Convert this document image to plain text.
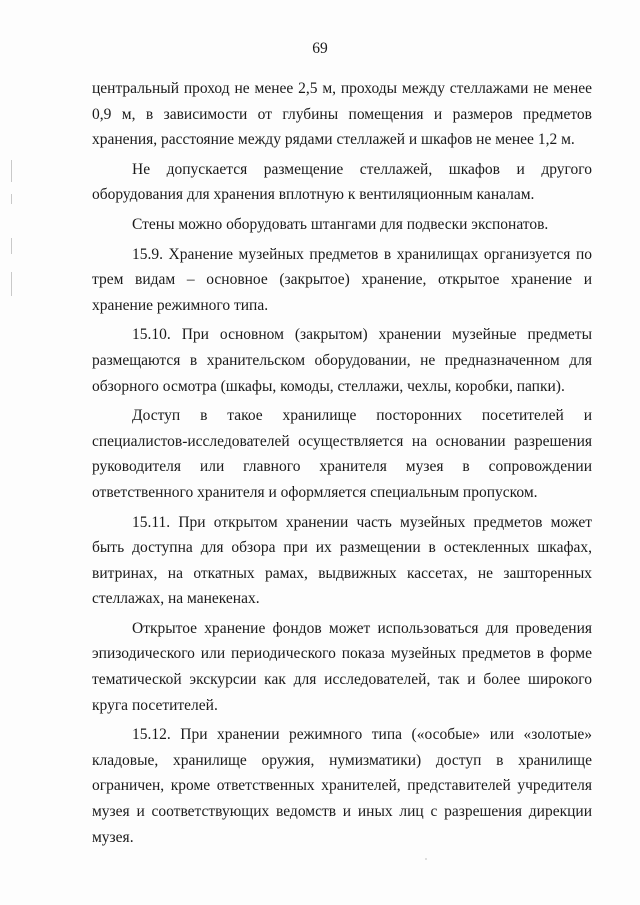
69

центральный проход не менее 2,5 м, проходы между стеллажами не менее 0,9 м, в зависимости от глубины помещения и размеров предметов хранения, расстояние между рядами стеллажей и шкафов не менее 1,2 м.

Не допускается размещение стеллажей, шкафов и другого оборудования для хранения вплотную к вентиляционным каналам.

Стены можно оборудовать штангами для подвески экспонатов.

15.9. Хранение музейных предметов в хранилищах организуется по трем видам – основное (закрытое) хранение, открытое хранение и хранение режимного типа.

15.10. При основном (закрытом) хранении музейные предметы размещаются в хранительском оборудовании, не предназначенном для обзорного осмотра (шкафы, комоды, стеллажи, чехлы, коробки, папки).

Доступ в такое хранилище посторонних посетителей и специалистов-исследователей осуществляется на основании разрешения руководителя или главного хранителя музея в сопровождении ответственного хранителя и оформляется специальным пропуском.

15.11. При открытом хранении часть музейных предметов может быть доступна для обзора при их размещении в остекленных шкафах, витринах, на откатных рамах, выдвижных кассетах, не зашторенных стеллажах, на манекенах.

Открытое хранение фондов может использоваться для проведения эпизодического или периодического показа музейных предметов в форме тематической экскурсии как для исследователей, так и более широкого круга посетителей.

15.12. При хранении режимного типа («особые» или «золотые» кладовые, хранилище оружия, нумизматики) доступ в хранилище ограничен, кроме ответственных хранителей, представителей учредителя музея и соответствующих ведомств и иных лиц с разрешения дирекции музея.
